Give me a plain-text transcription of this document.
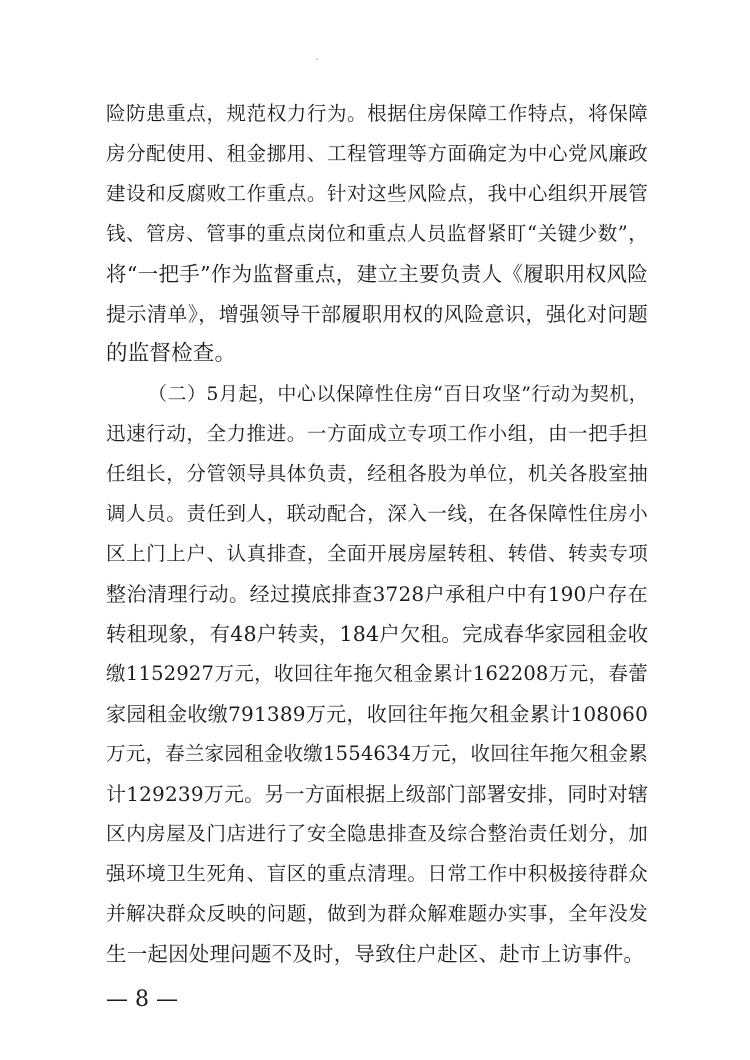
险防患重点，规范权力行为。根据住房保障工作特点，将保障
房分配使用、租金挪用、工程管理等方面确定为中心党风廉政
建设和反腐败工作重点。针对这些风险点，我中心组织开展管
钱、管房、管事的重点岗位和重点人员监督紧盯“关键少数”，
将“一把手”作为监督重点，建立主要负责人《履职用权风险
提示清单》，增强领导干部履职用权的风险意识，强化对问题
的监督检查。
（二）5月起，中心以保障性住房“百日攻坚”行动为契机，
迅速行动，全力推进。一方面成立专项工作小组，由一把手担
任组长，分管领导具体负责，经租各股为单位，机关各股室抽
调人员。责任到人，联动配合，深入一线，在各保障性住房小
区上门上户、认真排查，全面开展房屋转租、转借、转卖专项
整治清理行动。经过摸底排查3728户承租户中有190户存在
转租现象，有48户转卖，184户欠租。完成春华家园租金收
缴1152927万元，收回往年拖欠租金累计162208万元，春蕾
家园租金收缴791389万元，收回往年拖欠租金累计108060
万元，春兰家园租金收缴1554634万元，收回往年拖欠租金累
计129239万元。另一方面根据上级部门部署安排，同时对辖
区内房屋及门店进行了安全隐患排查及综合整治责任划分，加
强环境卫生死角、盲区的重点清理。日常工作中积极接待群众
并解决群众反映的问题，做到为群众解难题办实事，全年没发
生一起因处理问题不及时，导致住户赴区、赴市上访事件。
— 8 —
